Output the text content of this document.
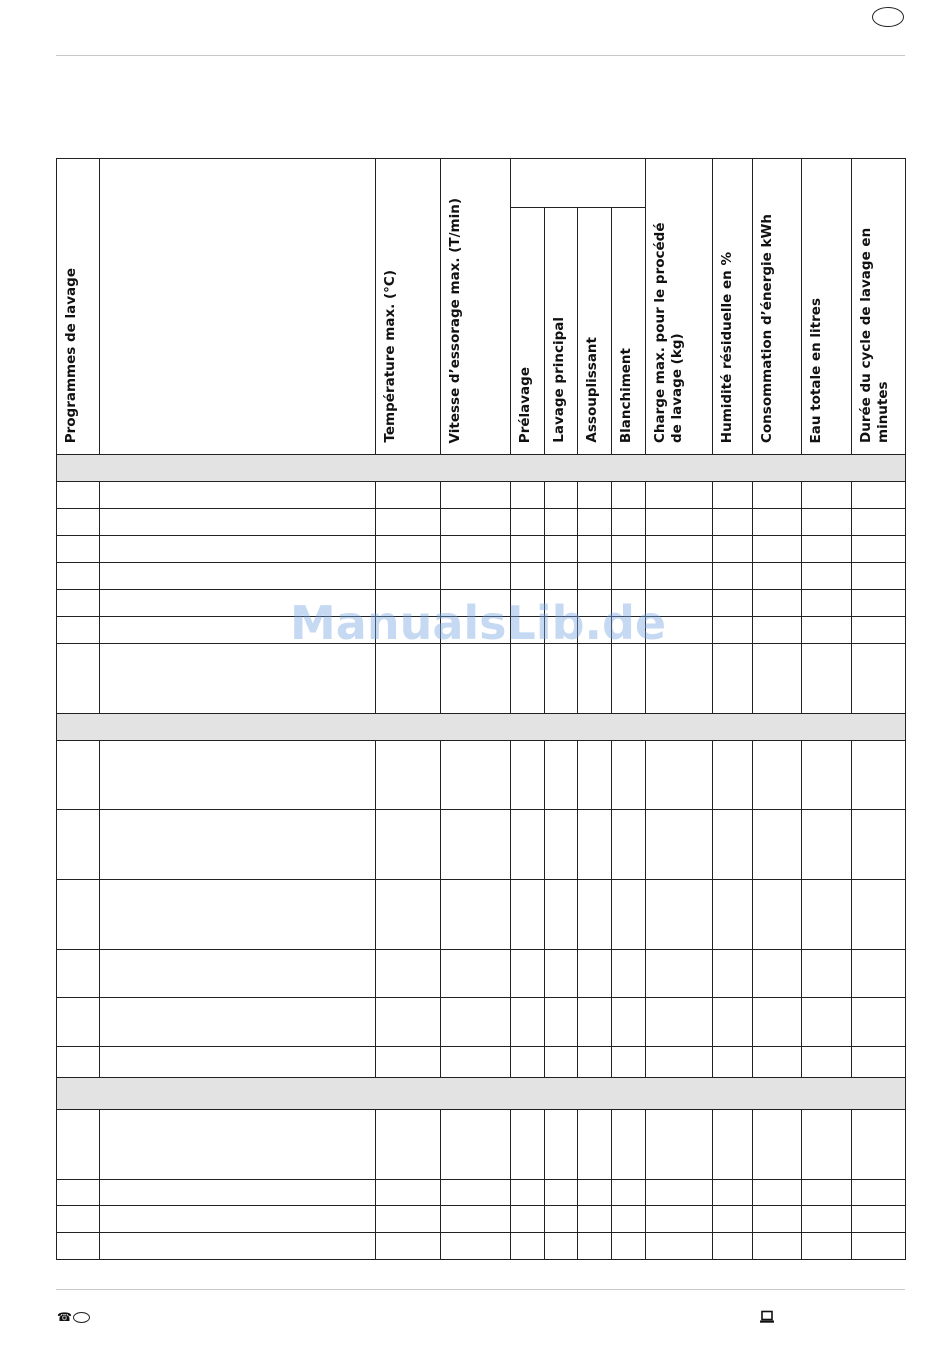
Programmes de lavage		Température max. (°C)	Vitesse d’essorage max. (T/min)					Charge max. pour le procédé de lavage (kg)	Humidité résiduelle en %	Consommation d’énergie kWh	Eau totale en litres	Durée du cycle de lavage en minutes
				Prélavage	Lavage principal	Assouplissant	Blanchiment					

ManualsLib.de
☎
